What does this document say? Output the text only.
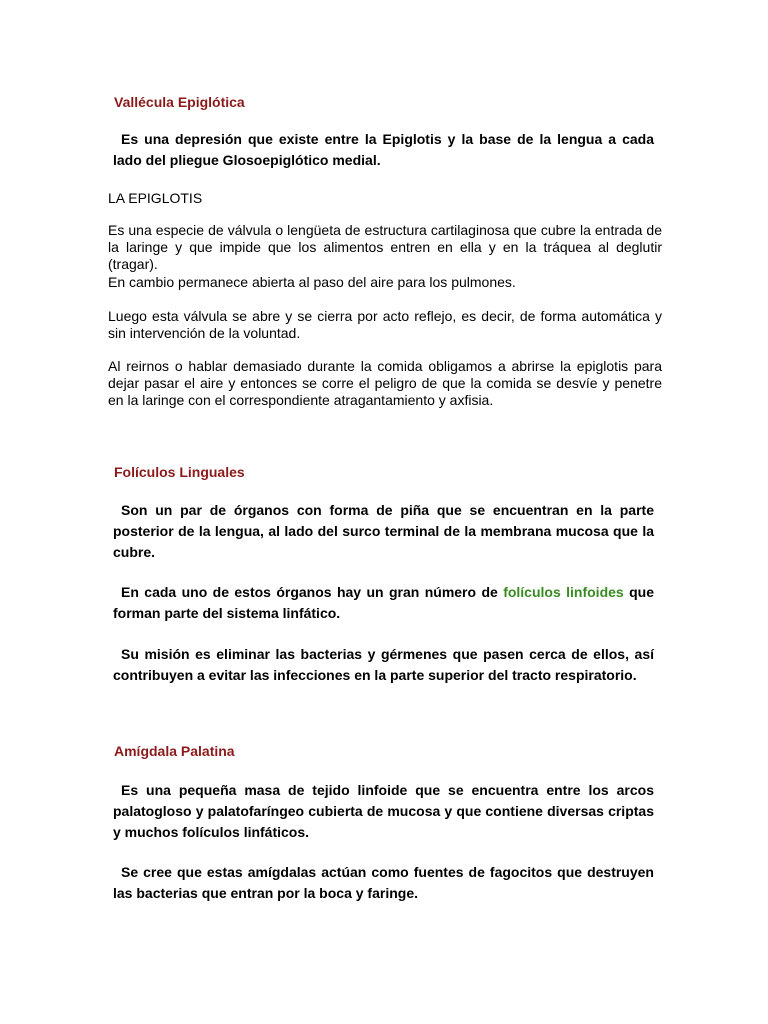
Vallécula Epiglótica

Es una depresión que existe entre la Epiglotis y la base de la lengua a cada lado del pliegue Glosoepiglótico medial.

LA EPIGLOTIS

Es una especie de válvula o lengüeta de estructura cartilaginosa que cubre la entrada de la laringe y que impide que los alimentos entren en ella y en la tráquea al deglutir (tragar).

En cambio permanece abierta al paso del aire para los pulmones.

Luego esta válvula se abre y se cierra por acto reflejo, es decir, de forma automática y sin intervención de la voluntad.

Al reirnos o hablar demasiado durante la comida obligamos a abrirse la epiglotis para dejar pasar el aire y entonces se corre el peligro de que la comida se desvíe y penetre en la laringe con el correspondiente atragantamiento y axfisia.

Folículos Linguales

Son un par de órganos con forma de piña que se encuentran en la parte posterior de la lengua, al lado del surco terminal de la membrana mucosa que la cubre.

En cada uno de estos órganos hay un gran número de folículos linfoides que forman parte del sistema linfático.

Su misión es eliminar las bacterias y gérmenes que pasen cerca de ellos, así contribuyen a evitar las infecciones en la parte superior del tracto respiratorio.

Amígdala Palatina

Es una pequeña masa de tejido linfoide que se encuentra entre los arcos palatogloso y palatofaríngeo cubierta de mucosa y que contiene diversas criptas y muchos folículos linfáticos.

Se cree que estas amígdalas actúan como fuentes de fagocitos que destruyen las bacterias que entran por la boca y faringe.
